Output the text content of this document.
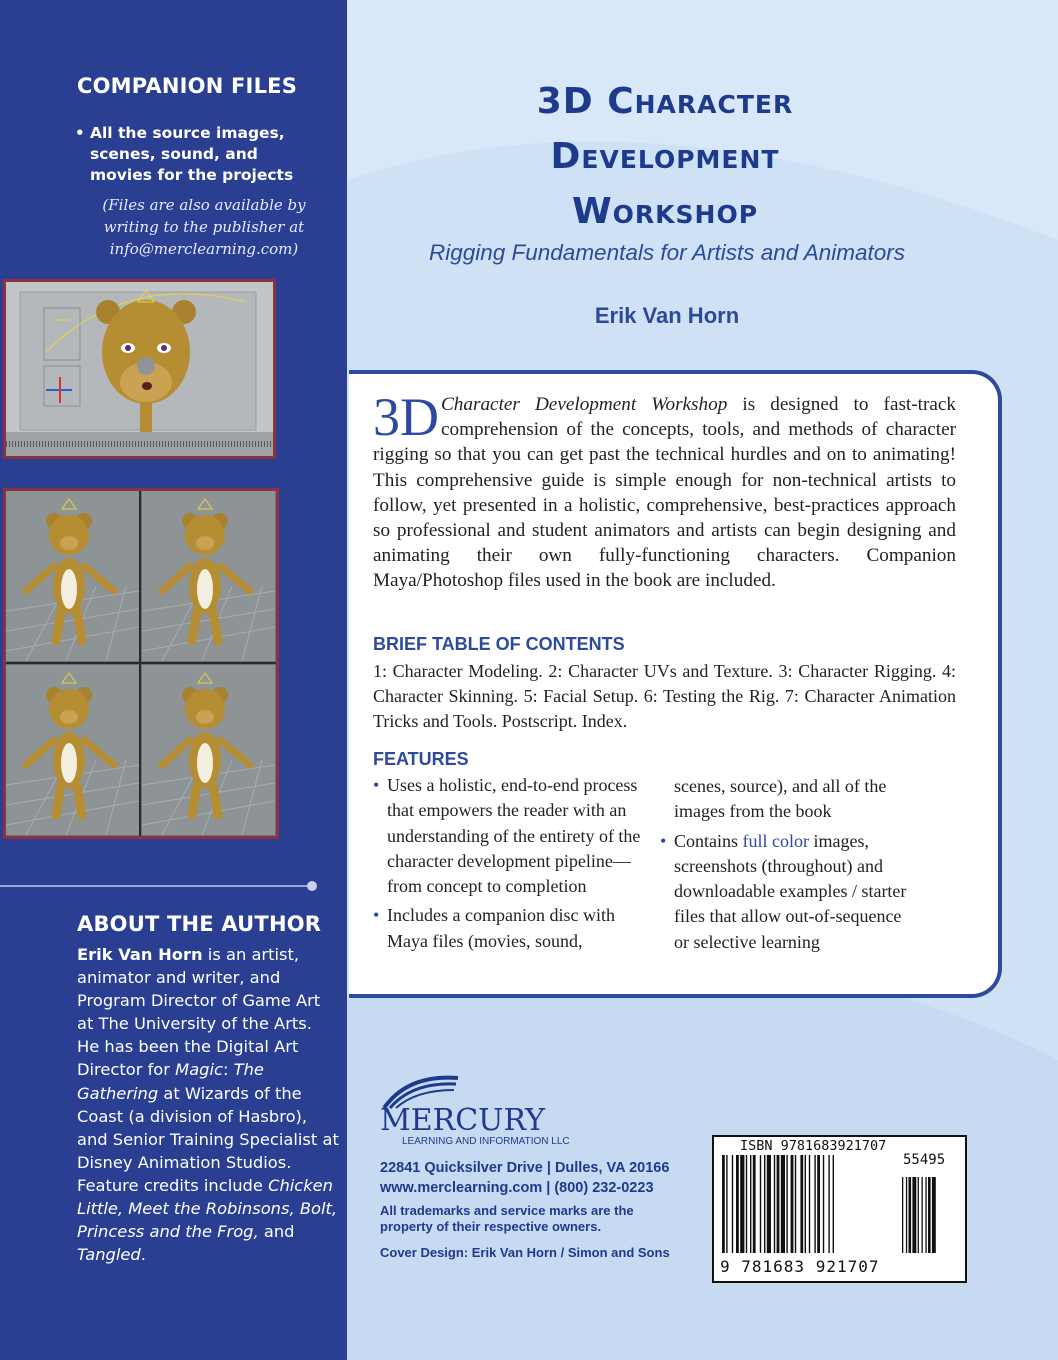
COMPANION FILES
• All the source images, scenes, sound, and movies for the projects
(Files are also available by writing to the publisher at info@merclearning.com)
ABOUT THE AUTHOR
Erik Van Horn is an artist, animator and writer, and Program Director of Game Art at The University of the Arts. He has been the Digital Art Director for Magic: The Gathering at Wizards of the Coast (a division of Hasbro), and Senior Training Specialist at Disney Animation Studios. Feature credits include Chicken Little, Meet the Robinsons, Bolt, Princess and the Frog, and Tangled.
3D Character
Development
Workshop
Rigging Fundamentals for Artists and Animators
Erik Van Horn
3D Character Development Workshop is designed to fast-track comprehension of the concepts, tools, and methods of character rigging so that you can get past the technical hurdles and on to animating! This comprehensive guide is simple enough for non-technical artists to follow, yet presented in a holistic, comprehensive, best-practices approach so professional and student animators and artists can begin designing and animating their own fully-functioning characters. Companion Maya/Photoshop files used in the book are included.
BRIEF TABLE OF CONTENTS
1: Character Modeling. 2: Character UVs and Texture. 3: Character Rigging. 4: Character Skinning. 5: Facial Setup. 6: Testing the Rig. 7: Character Animation Tricks and Tools. Postscript. Index.
FEATURES
• Uses a holistic, end-to-end process that empowers the reader with an understanding of the entirety of the character development pipeline—from concept to completion
• Includes a companion disc with Maya files (movies, sound,
scenes, source), and all of the images from the book
• Contains full color images, screenshots (throughout) and downloadable examples / starter files that allow out-of-sequence or selective learning
MERCURY
LEARNING AND INFORMATION LLC
22841 Quicksilver Drive | Dulles, VA 20166
www.merclearning.com | (800) 232-0223
All trademarks and service marks are the property of their respective owners.
Cover Design: Erik Van Horn / Simon and Sons
ISBN 9781683921707
55495
9 781683 921707
